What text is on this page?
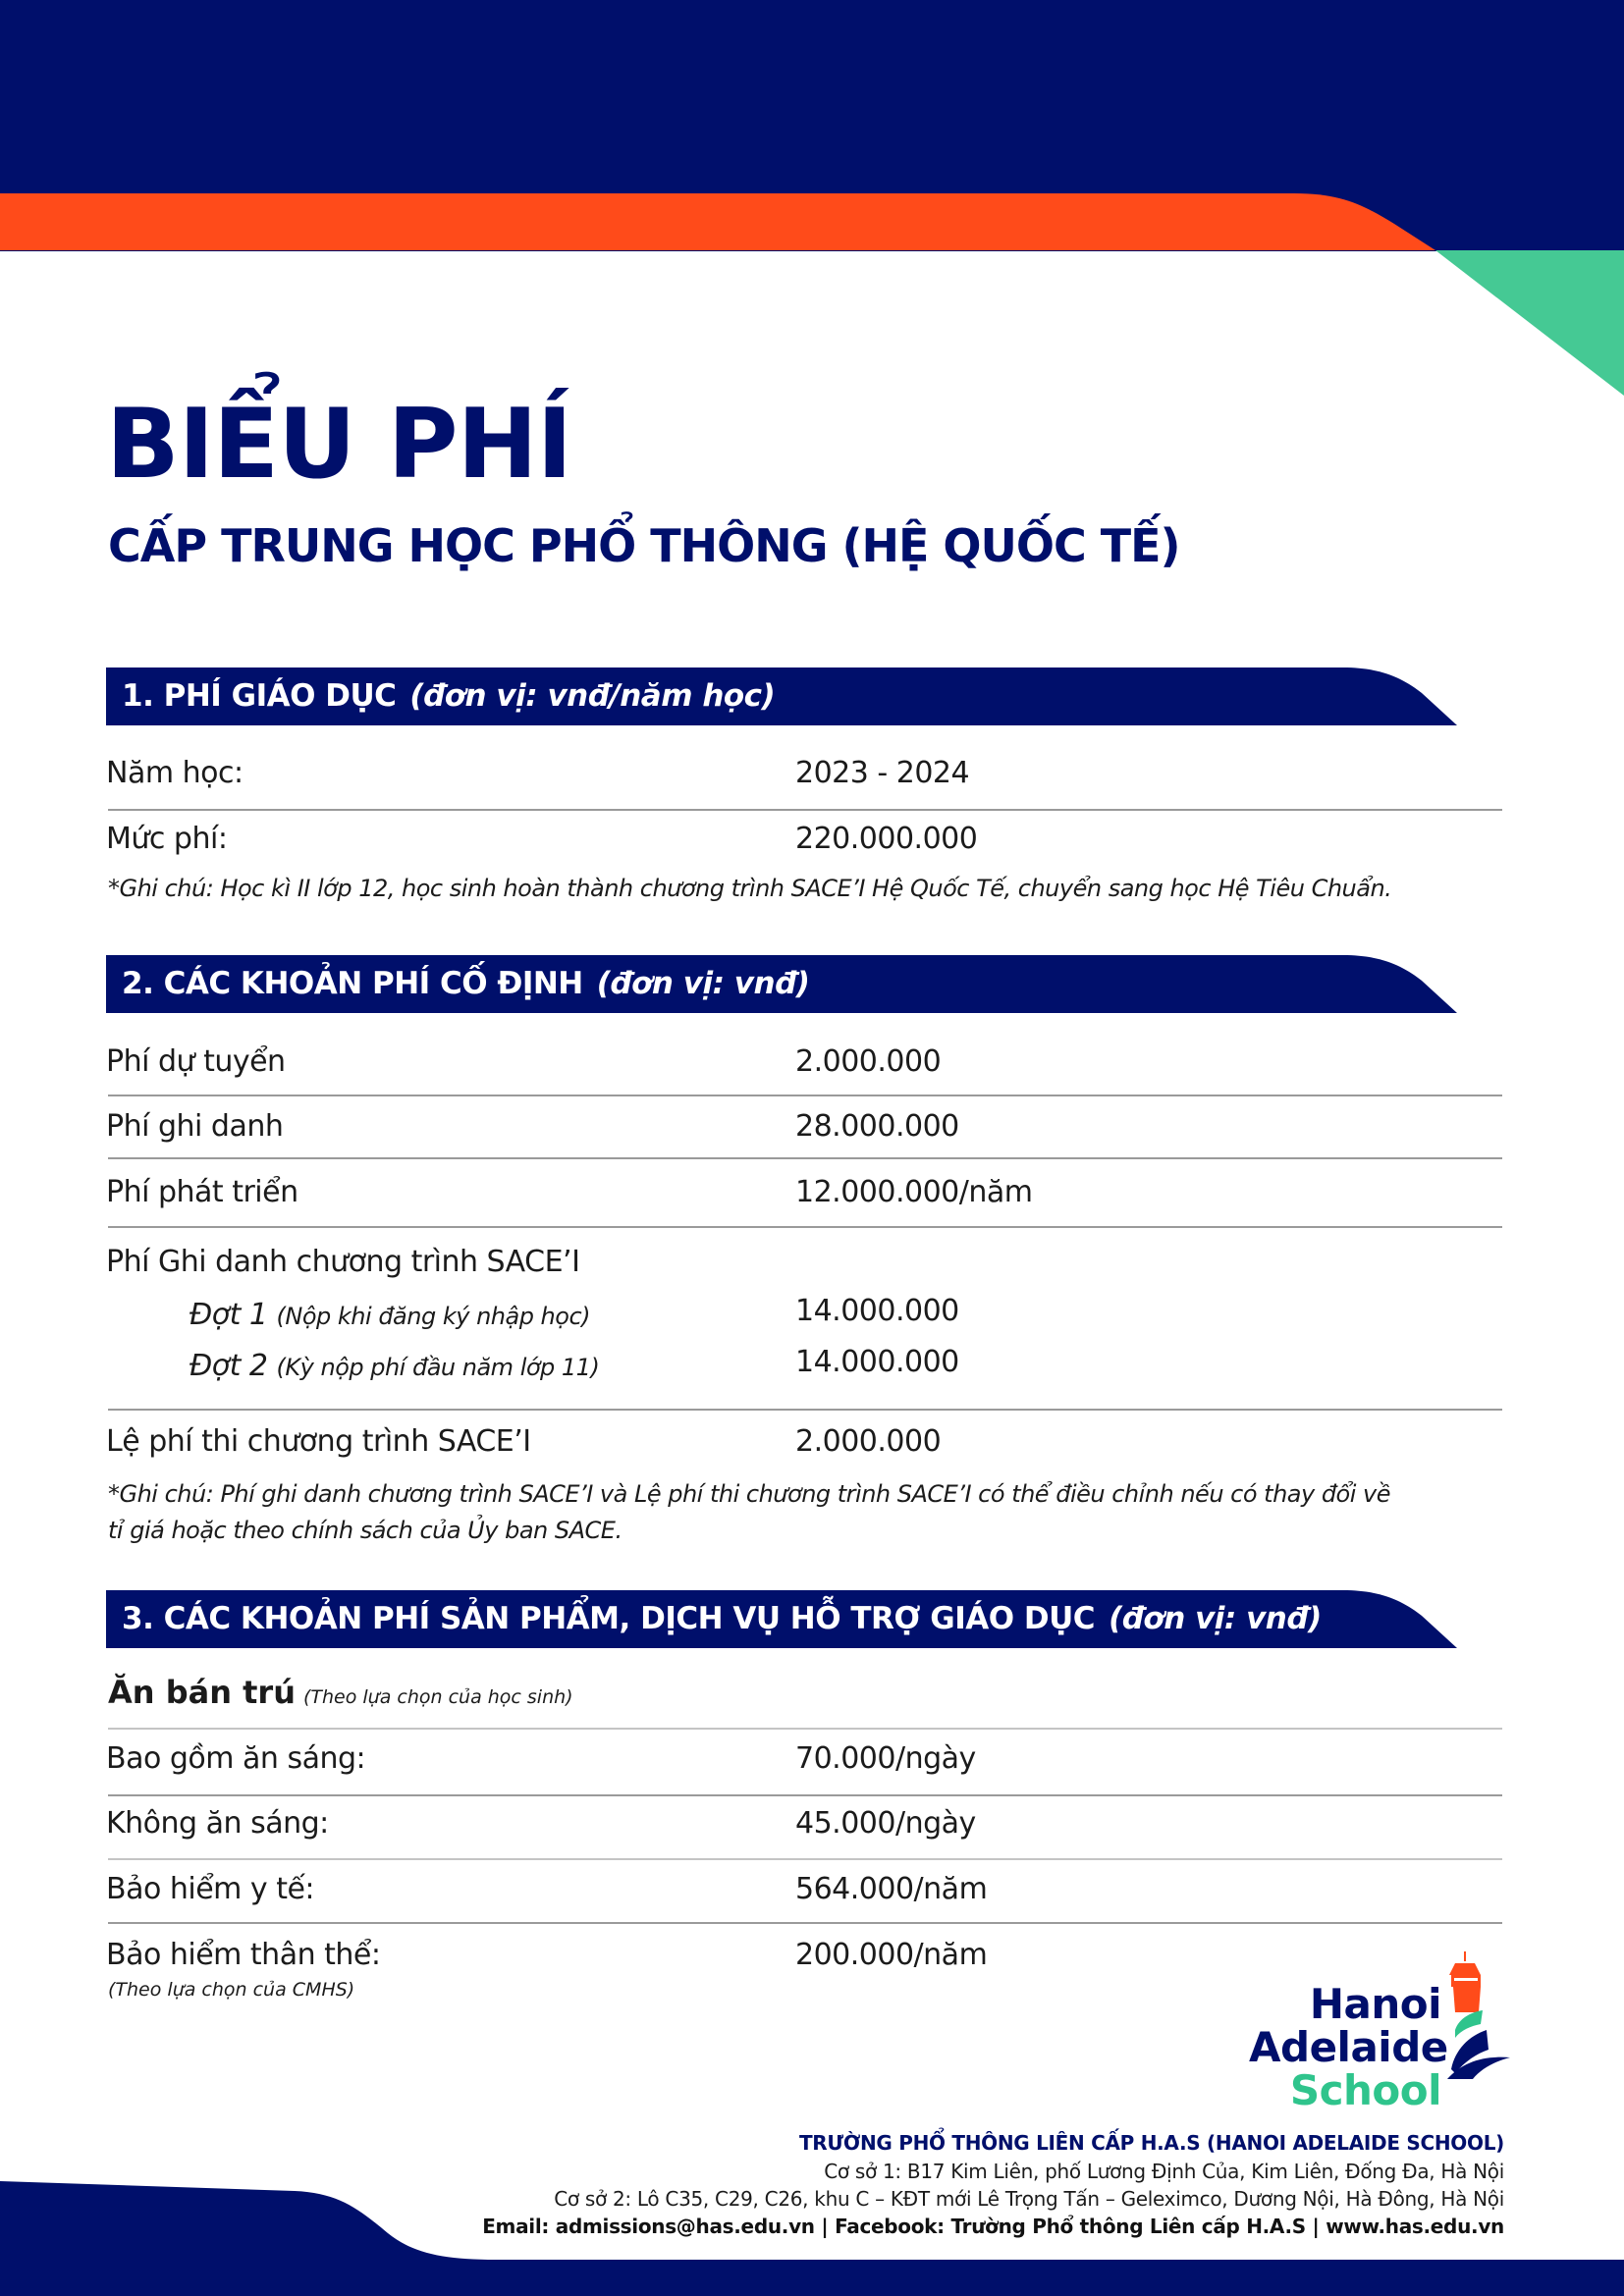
BIỂU PHÍ
CẤP TRUNG HỌC PHỔ THÔNG (HỆ QUỐC TẾ)
1. PHÍ GIÁO DỤC (đơn vị: vnđ/năm học)
Năm học:	2023 - 2024
Mức phí:	220.000.000
*Ghi chú: Học kì II lớp 12, học sinh hoàn thành chương trình SACE’I Hệ Quốc Tế, chuyển sang học Hệ Tiêu Chuẩn.
2. CÁC KHOẢN PHÍ CỐ ĐỊNH (đơn vị: vnđ)
Phí dự tuyển	2.000.000
Phí ghi danh	28.000.000
Phí phát triển	12.000.000/năm
Phí Ghi danh chương trình SACE’I
Đợt 1 (Nộp khi đăng ký nhập học)	14.000.000
Đợt 2 (Kỳ nộp phí đầu năm lớp 11)	14.000.000
Lệ phí thi chương trình SACE’I	2.000.000
*Ghi chú: Phí ghi danh chương trình SACE’I và Lệ phí thi chương trình SACE’I có thể điều chỉnh nếu có thay đổi về
tỉ giá hoặc theo chính sách của Ủy ban SACE.
3. CÁC KHOẢN PHÍ SẢN PHẨM, DỊCH VỤ HỖ TRỢ GIÁO DỤC (đơn vị: vnđ)
Ăn bán trú (Theo lựa chọn của học sinh)
Bao gồm ăn sáng:	70.000/ngày
Không ăn sáng:	45.000/ngày
Bảo hiểm y tế:	564.000/năm
Bảo hiểm thân thể:	200.000/năm
(Theo lựa chọn của CMHS)	Hanoi
Adelaide
School
TRƯỜNG PHỔ THÔNG LIÊN CẤP H.A.S (HANOI ADELAIDE SCHOOL)
Cơ sở 1: B17 Kim Liên, phố Lương Định Của, Kim Liên, Đống Đa, Hà Nội
Cơ sở 2: Lô C35, C29, C26, khu C – KĐT mới Lê Trọng Tấn – Geleximco, Dương Nội, Hà Đông, Hà Nội
Email: admissions@has.edu.vn | Facebook: Trường Phổ thông Liên cấp H.A.S | www.has.edu.vn
